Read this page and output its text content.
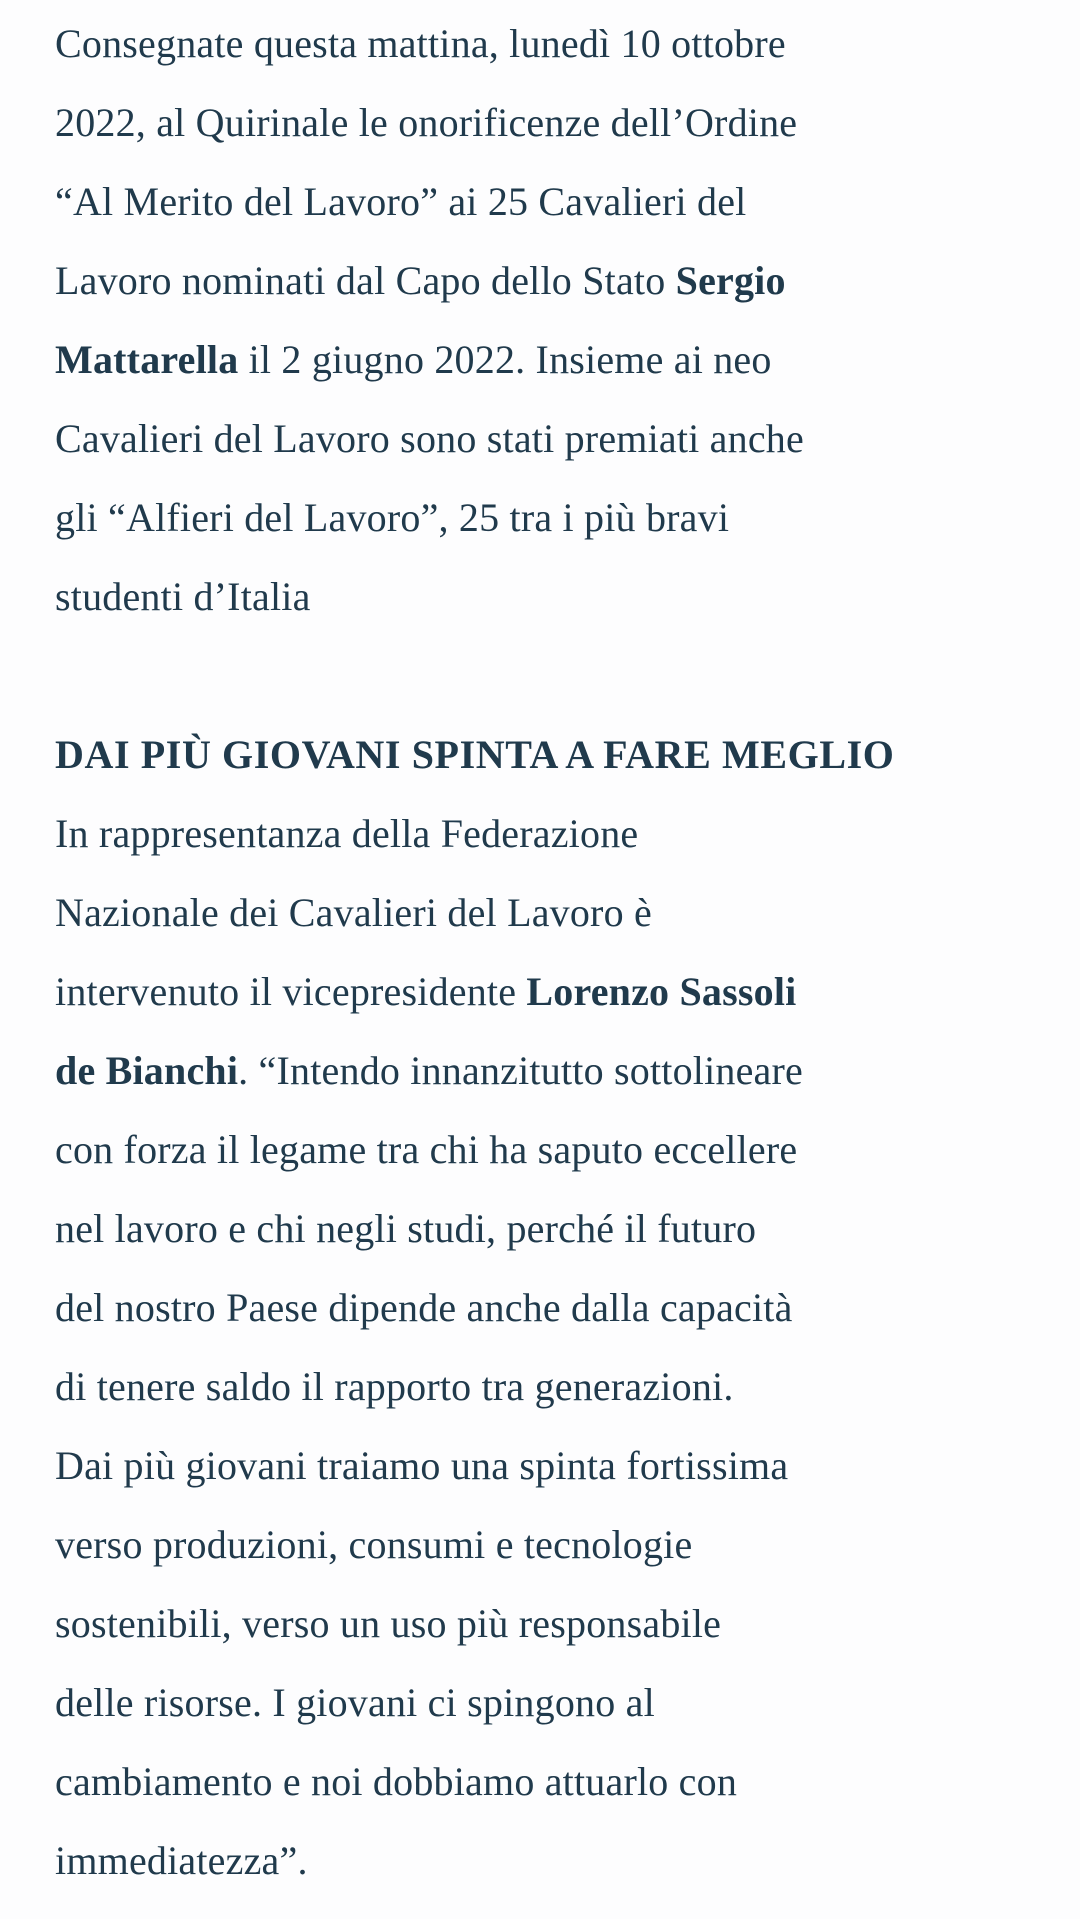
Consegnate questa mattina, lunedì 10 ottobre
2022, al Quirinale le onorificenze dell’Ordine
“Al Merito del Lavoro” ai 25 Cavalieri del
Lavoro nominati dal Capo dello Stato Sergio
Mattarella il 2 giugno 2022. Insieme ai neo
Cavalieri del Lavoro sono stati premiati anche
gli “Alfieri del Lavoro”, 25 tra i più bravi
studenti d’Italia
DAI PIÙ GIOVANI SPINTA A FARE MEGLIO
In rappresentanza della Federazione
Nazionale dei Cavalieri del Lavoro è
intervenuto il vicepresidente Lorenzo Sassoli
de Bianchi. “Intendo innanzitutto sottolineare
con forza il legame tra chi ha saputo eccellere
nel lavoro e chi negli studi, perché il futuro
del nostro Paese dipende anche dalla capacità
di tenere saldo il rapporto tra generazioni.
Dai più giovani traiamo una spinta fortissima
verso produzioni, consumi e tecnologie
sostenibili, verso un uso più responsabile
delle risorse. I giovani ci spingono al
cambiamento e noi dobbiamo attuarlo con
immediatezza”.
